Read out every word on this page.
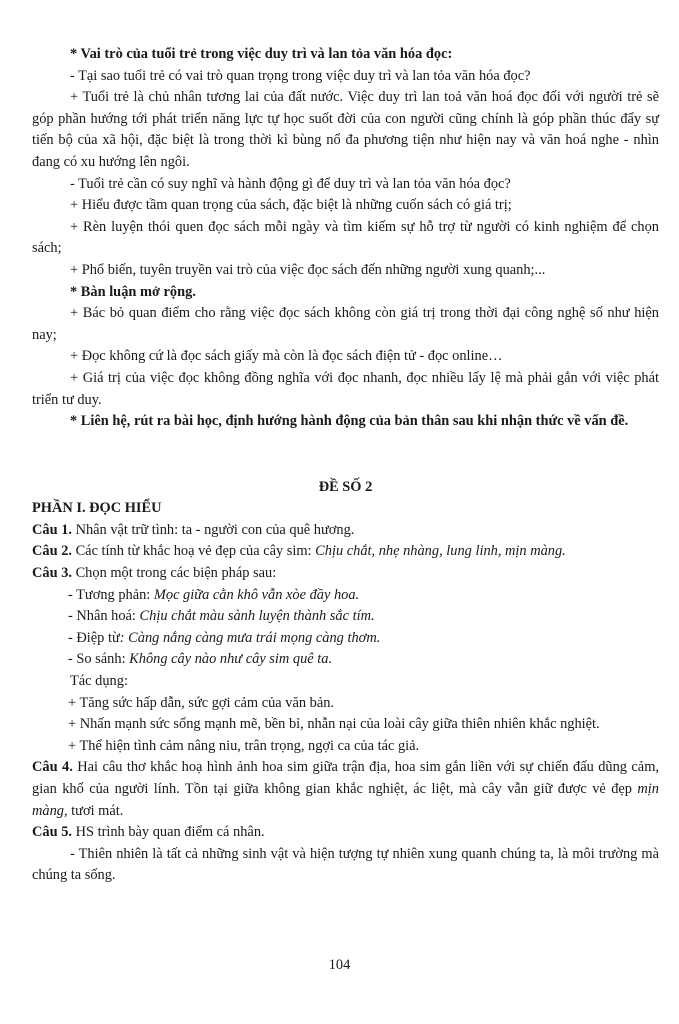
* Vai trò của tuổi trẻ trong việc duy trì và lan tỏa văn hóa đọc:

- Tại sao tuổi trẻ có vai trò quan trọng trong việc duy trì và lan tỏa văn hóa đọc?

+ Tuổi trẻ là chủ nhân tương lai của đất nước. Việc duy trì lan toả văn hoá đọc đối với người trẻ sẽ góp phần hướng tới phát triển năng lực tự học suốt đời của con người cũng chính là góp phần thúc đẩy sự tiến bộ của xã hội, đặc biệt là trong thời kì bùng nổ đa phương tiện như hiện nay và văn hoá nghe - nhìn đang có xu hướng lên ngôi.

- Tuổi trẻ cần có suy nghĩ và hành động gì để duy trì và lan tỏa văn hóa đọc?

+ Hiểu được tầm quan trọng của sách, đặc biệt là những cuốn sách có giá trị;

+ Rèn luyện thói quen đọc sách mỗi ngày và tìm kiếm sự hỗ trợ từ người có kinh nghiệm để chọn sách;

+ Phổ biến, tuyên truyền vai trò của việc đọc sách đến những người xung quanh;...

* Bàn luận mở rộng.

+ Bác bỏ quan điểm cho rằng việc đọc sách không còn giá trị trong thời đại công nghệ số như hiện nay;

+ Đọc không cứ là đọc sách giấy mà còn là đọc sách điện tử - đọc online…

+ Giá trị của việc đọc không đồng nghĩa với đọc nhanh, đọc nhiều lấy lệ mà phải gắn với việc phát triển tư duy.

* Liên hệ, rút ra bài học, định hướng hành động của bản thân sau khi nhận thức về vấn đề.

ĐỀ SỐ 2

PHẦN I. ĐỌC HIỂU

Câu 1. Nhân vật trữ tình: ta - người con của quê hương.

Câu 2. Các tính từ khắc hoạ vẻ đẹp của cây sim: Chịu chắt, nhẹ nhàng, lung linh, mịn màng.

Câu 3. Chọn một trong các biện pháp sau:

- Tương phản: Mọc giữa cằn khô vẫn xòe đầy hoa.

- Nhân hoá: Chịu chắt màu sành luyện thành sắc tím.

- Điệp từ: Càng nắng càng mưa trái mọng càng thơm.

- So sánh: Không cây nào như cây sim quê ta.

Tác dụng:

+ Tăng sức hấp dẫn, sức gợi cảm của văn bản.

+ Nhấn mạnh sức sống mạnh mẽ, bền bỉ, nhẫn nại của loài cây giữa thiên nhiên khắc nghiệt.

+ Thể hiện tình cảm nâng niu, trân trọng, ngợi ca của tác giả.

Câu 4. Hai câu thơ khắc hoạ hình ảnh hoa sim giữa trận địa, hoa sim gắn liền với sự chiến đấu dũng cảm, gian khổ của người lính. Tồn tại giữa không gian khắc nghiệt, ác liệt, mà cây vẫn giữ được vẻ đẹp mịn màng, tươi mát.

Câu 5. HS trình bày quan điểm cá nhân.

- Thiên nhiên là tất cả những sinh vật và hiện tượng tự nhiên xung quanh chúng ta, là môi trường mà chúng ta sống.

104
